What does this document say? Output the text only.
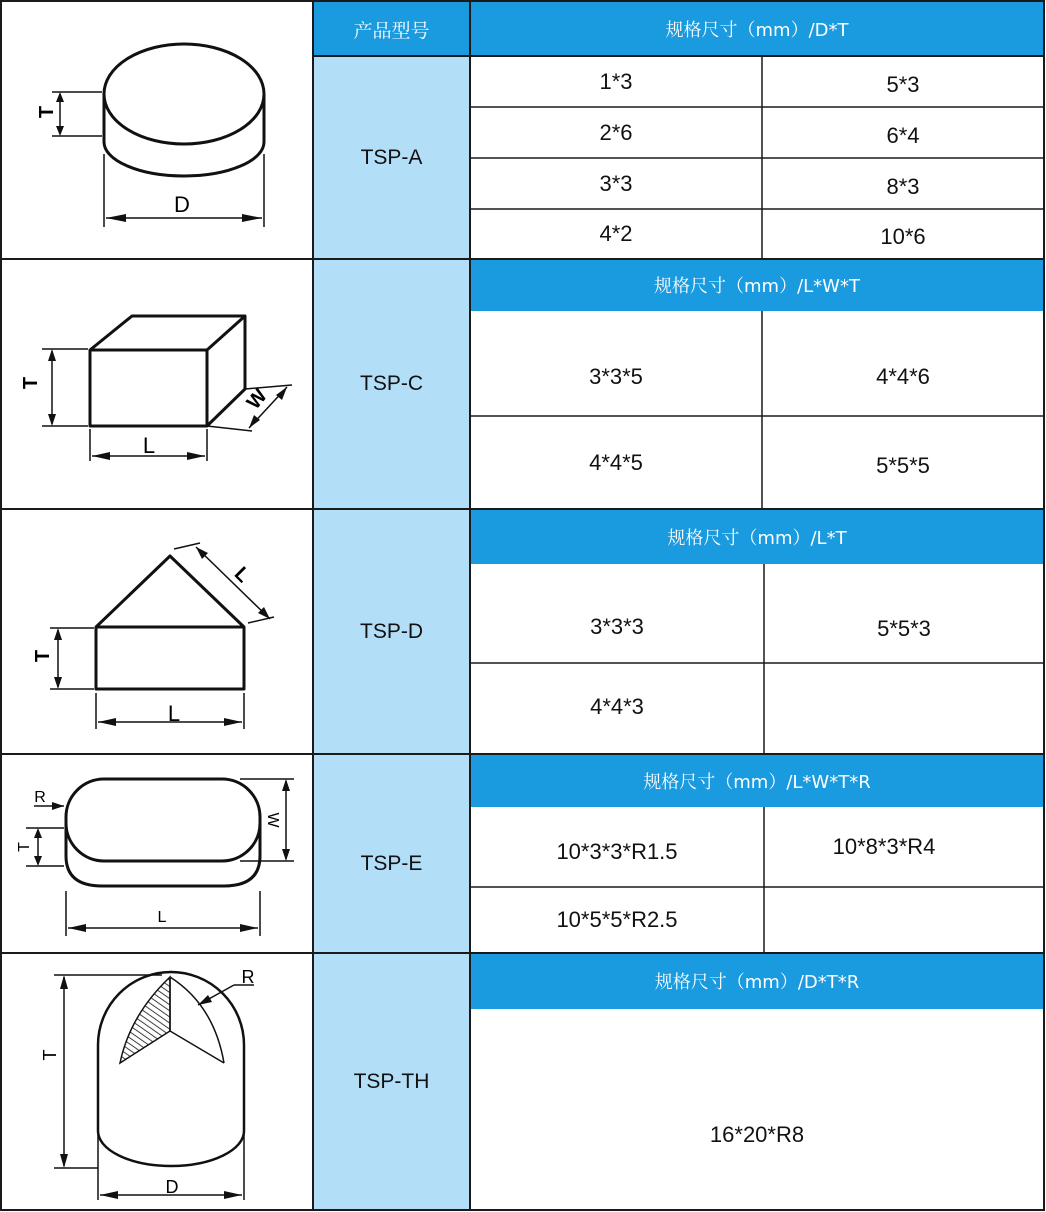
产品型号	规格尺寸（mm）/D*T
TSP-A
1*3	5*3
2*6	6*4
3*3	8*3
4*2	10*6
TSP-C
规格尺寸（mm）/L*W*T
3*3*5	4*4*6
4*4*5	5*5*5
TSP-D
规格尺寸（mm）/L*T
3*3*3	5*5*3
4*4*3
TSP-E
规格尺寸（mm）/L*W*T*R
10*3*3*R1.5	10*8*3*R4
10*5*5*R2.5
TSP-TH
规格尺寸（mm）/D*T*R
16*20*R8
T
D
T
L
W
T
L
L
R
T
W
L
T
R
D
